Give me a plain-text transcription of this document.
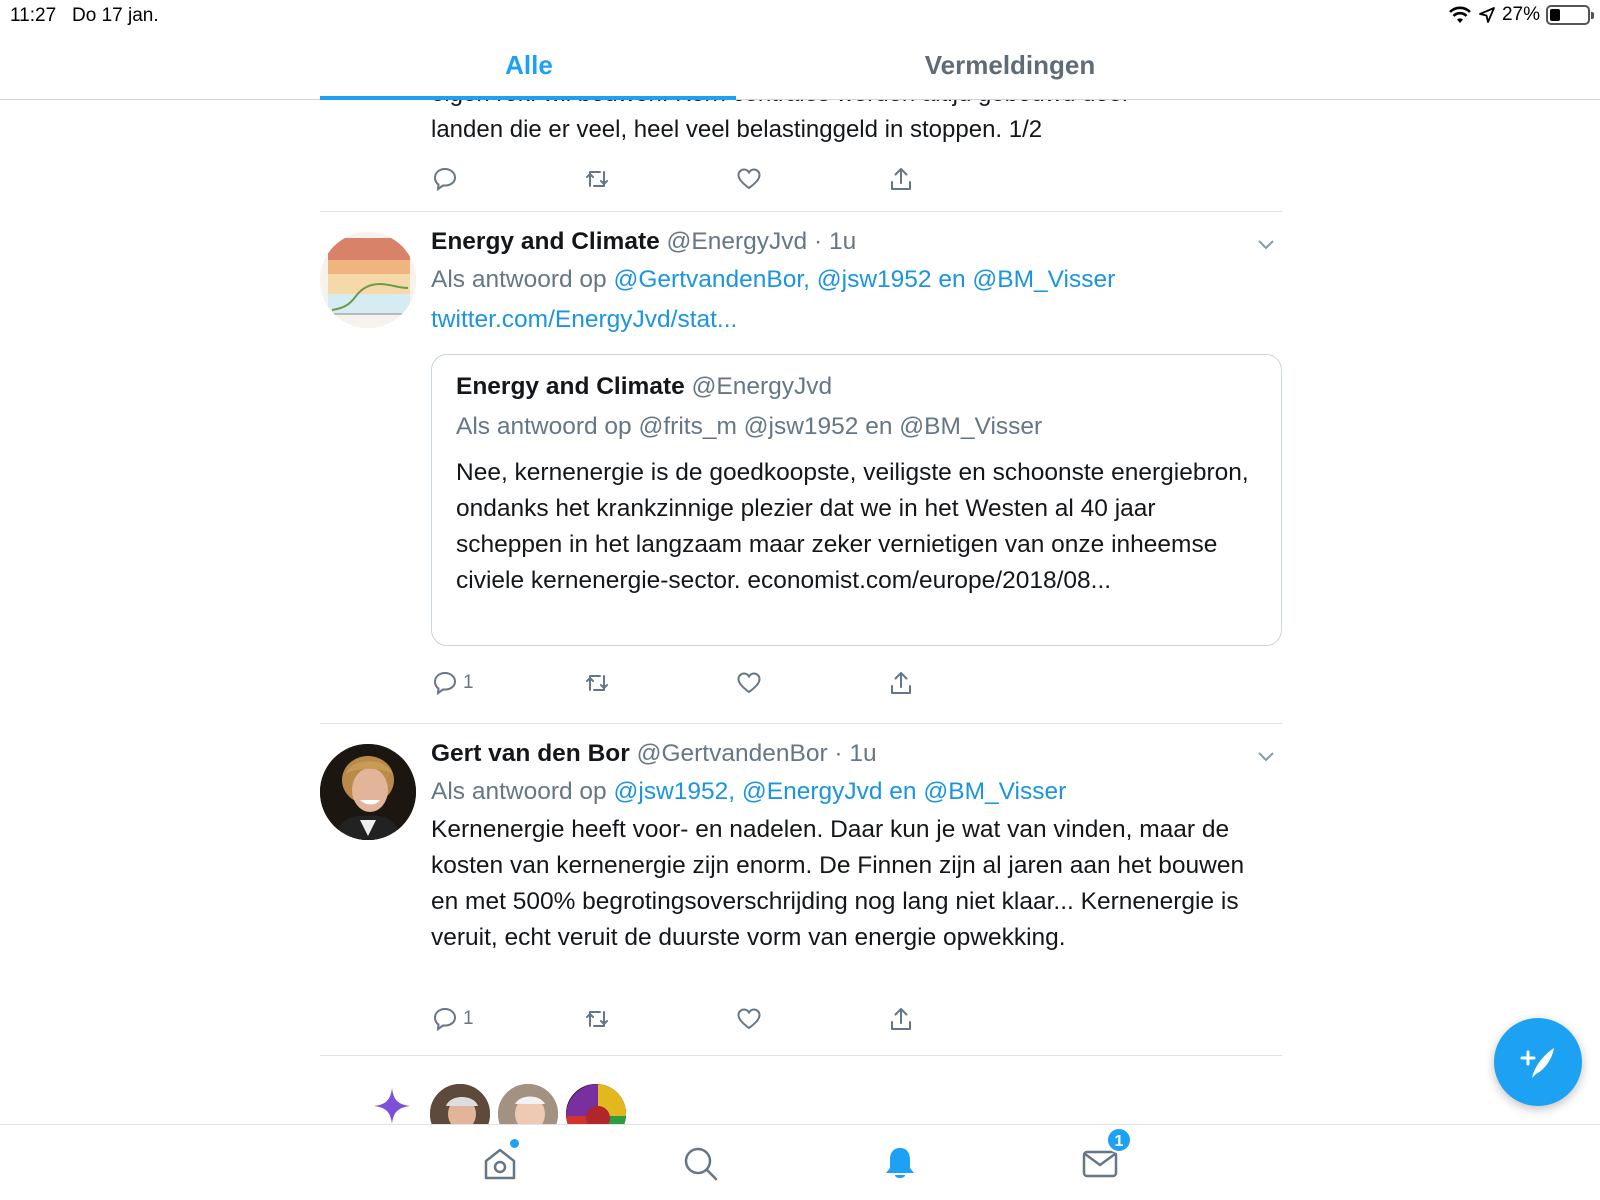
11:27 Do 17 jan.	27%
Alle	Vermeldingen
landen die er veel, heel veel belastinggeld in stoppen. 1/2
Energy and Climate @EnergyJvd · 1u
Als antwoord op @GertvandenBor, @jsw1952 en @BM_Visser
twitter.com/EnergyJvd/stat...
Energy and Climate @EnergyJvd
Als antwoord op @frits_m @jsw1952 en @BM_Visser
Nee, kernenergie is de goedkoopste, veiligste en schoonste energiebron, ondanks het krankzinnige plezier dat we in het Westen al 40 jaar scheppen in het langzaam maar zeker vernietigen van onze inheemse civiele kernenergie-sector. economist.com/europe/2018/08...
1
Gert van den Bor @GertvandenBor · 1u
Als antwoord op @jsw1952, @EnergyJvd en @BM_Visser
Kernenergie heeft voor- en nadelen. Daar kun je wat van vinden, maar de kosten van kernenergie zijn enorm. De Finnen zijn al jaren aan het bouwen en met 500% begrotingsoverschrijding nog lang niet klaar... Kernenergie is veruit, echt veruit de duurste vorm van energie opwekking.
1
1
